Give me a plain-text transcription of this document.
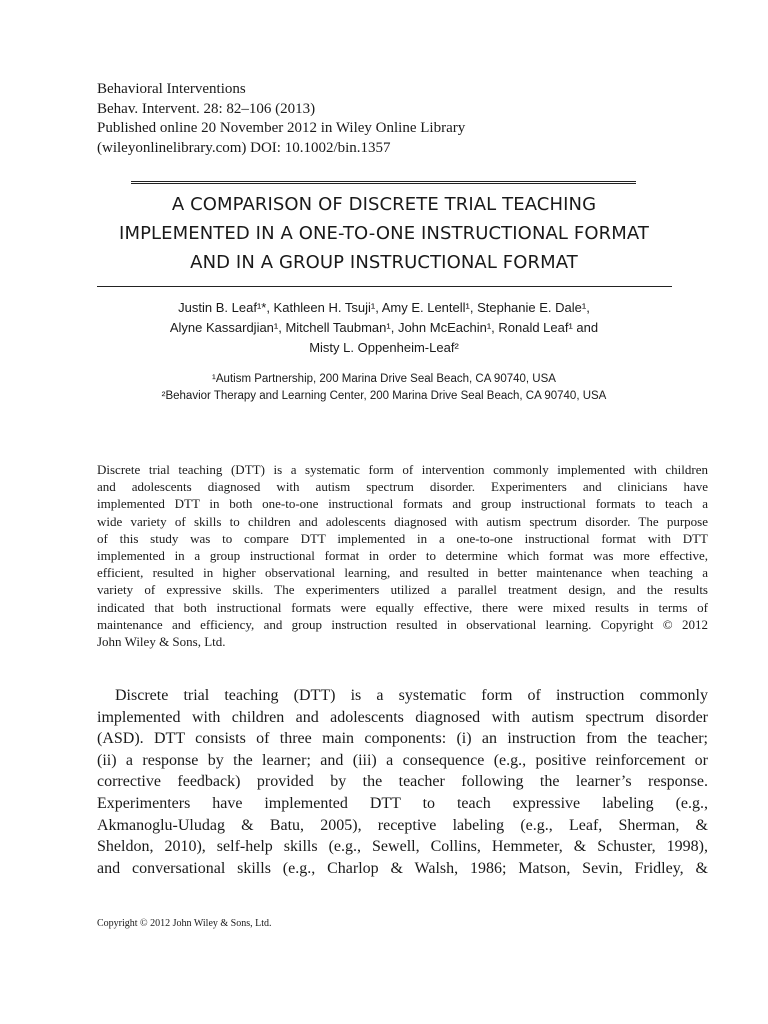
Behavioral Interventions
Behav. Intervent. 28: 82–106 (2013)
Published online 20 November 2012 in Wiley Online Library
(wileyonlinelibrary.com) DOI: 10.1002/bin.1357
A COMPARISON OF DISCRETE TRIAL TEACHING
IMPLEMENTED IN A ONE-TO-ONE INSTRUCTIONAL FORMAT
AND IN A GROUP INSTRUCTIONAL FORMAT
Justin B. Leaf¹*, Kathleen H. Tsuji¹, Amy E. Lentell¹, Stephanie E. Dale¹,
Alyne Kassardjian¹, Mitchell Taubman¹, John McEachin¹, Ronald Leaf¹ and
Misty L. Oppenheim-Leaf²
¹Autism Partnership, 200 Marina Drive Seal Beach, CA 90740, USA
²Behavior Therapy and Learning Center, 200 Marina Drive Seal Beach, CA 90740, USA
Discrete trial teaching (DTT) is a systematic form of intervention commonly implemented with children
and adolescents diagnosed with autism spectrum disorder. Experimenters and clinicians have
implemented DTT in both one-to-one instructional formats and group instructional formats to teach a
wide variety of skills to children and adolescents diagnosed with autism spectrum disorder. The purpose
of this study was to compare DTT implemented in a one-to-one instructional format with DTT
implemented in a group instructional format in order to determine which format was more effective,
efficient, resulted in higher observational learning, and resulted in better maintenance when teaching a
variety of expressive skills. The experimenters utilized a parallel treatment design, and the results
indicated that both instructional formats were equally effective, there were mixed results in terms of
maintenance and efficiency, and group instruction resulted in observational learning. Copyright © 2012
John Wiley & Sons, Ltd.
Discrete trial teaching (DTT) is a systematic form of instruction commonly
implemented with children and adolescents diagnosed with autism spectrum disorder
(ASD). DTT consists of three main components: (i) an instruction from the teacher;
(ii) a response by the learner; and (iii) a consequence (e.g., positive reinforcement or
corrective feedback) provided by the teacher following the learner’s response.
Experimenters have implemented DTT to teach expressive labeling (e.g.,
Akmanoglu-Uludag & Batu, 2005), receptive labeling (e.g., Leaf, Sherman, &
Sheldon, 2010), self-help skills (e.g., Sewell, Collins, Hemmeter, & Schuster, 1998),
and conversational skills (e.g., Charlop & Walsh, 1986; Matson, Sevin, Fridley, &
Copyright © 2012 John Wiley & Sons, Ltd.
